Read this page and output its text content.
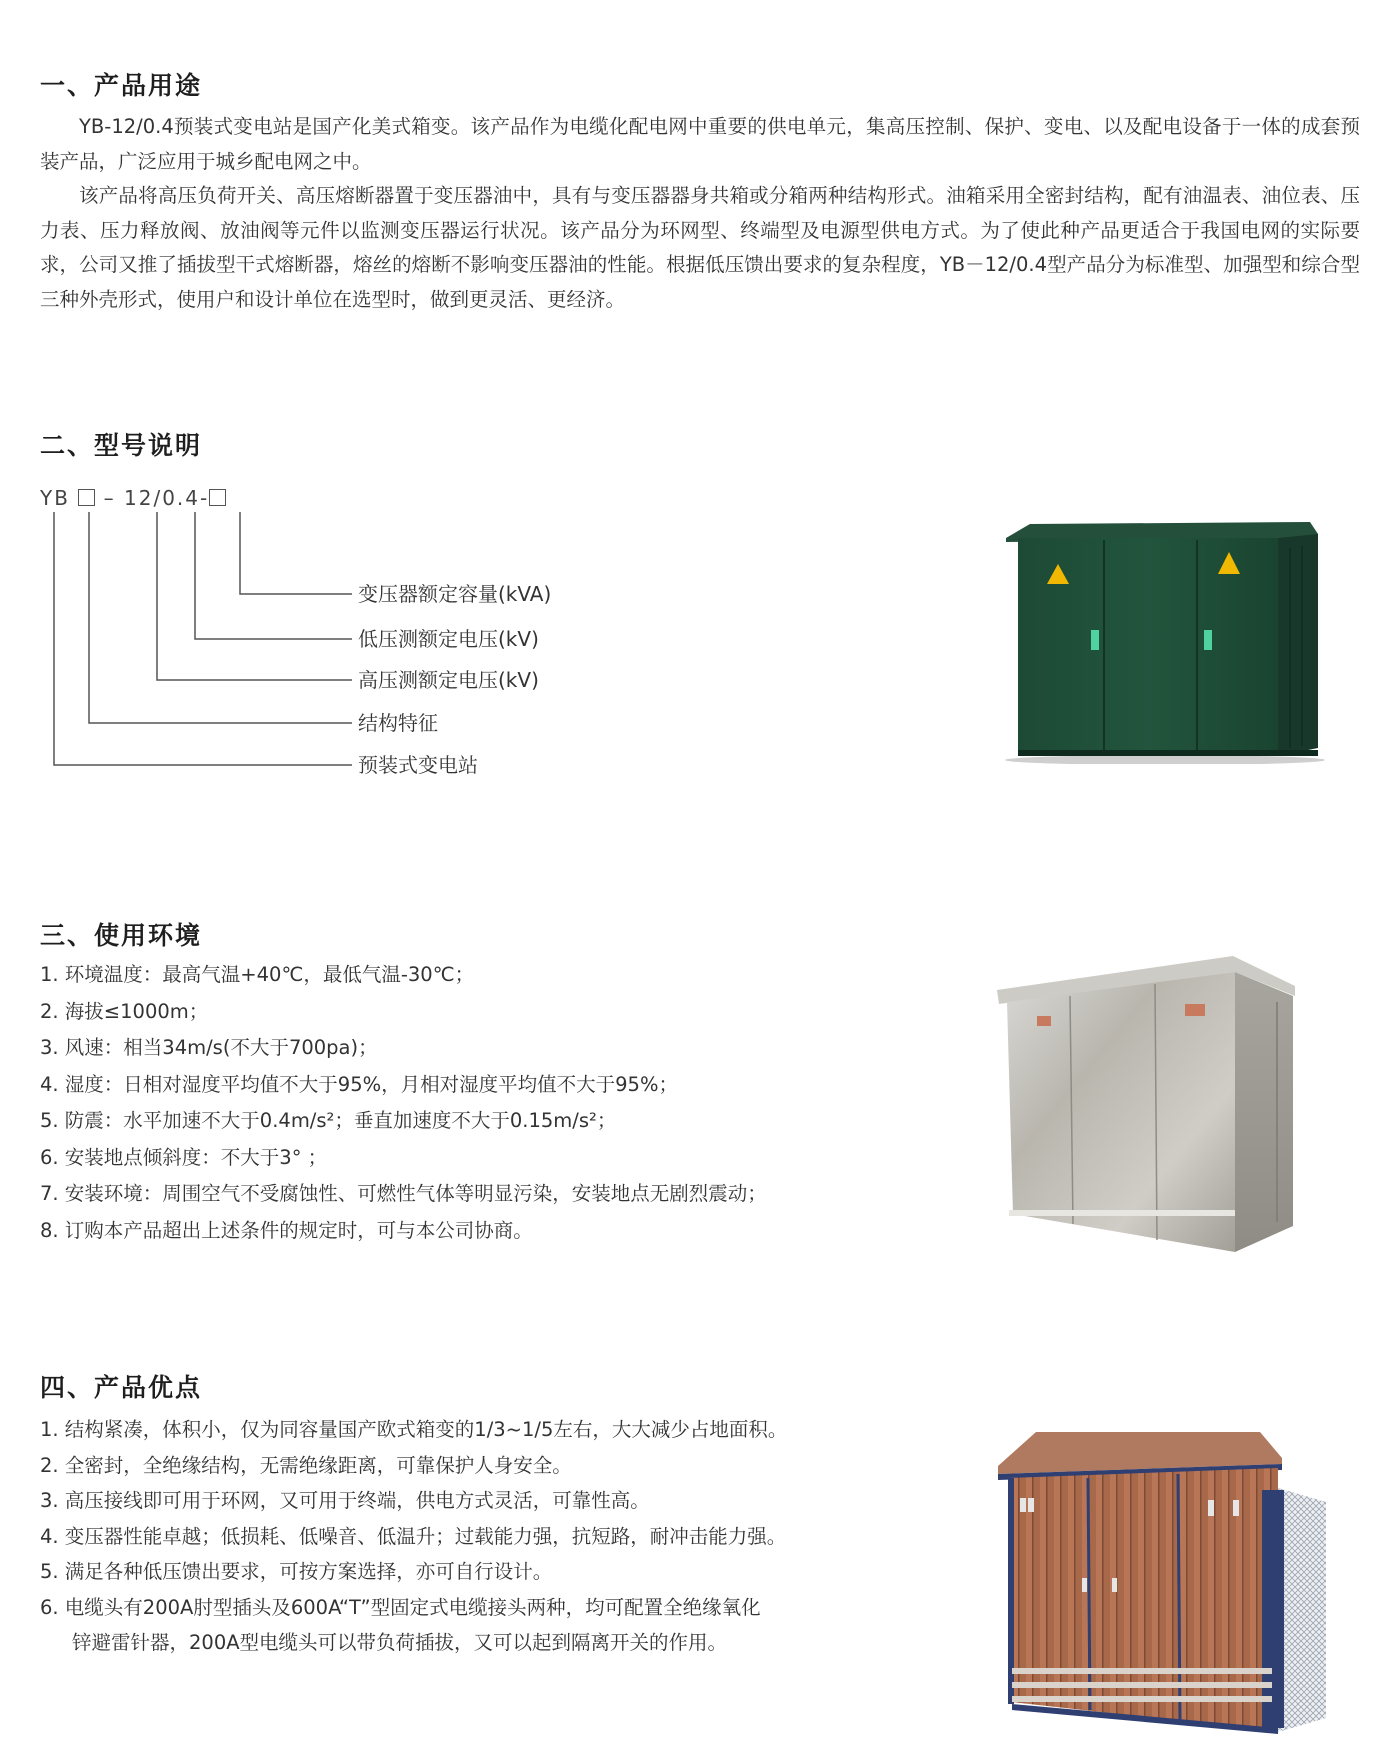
一、产品用途

YB-12/0.4预装式变电站是国产化美式箱变。该产品作为电缆化配电网中重要的供电单元，集高压控制、保护、变电、以及配电设备于一体的成套预装产品，广泛应用于城乡配电网之中。

该产品将高压负荷开关、高压熔断器置于变压器油中，具有与变压器器身共箱或分箱两种结构形式。油箱采用全密封结构，配有油温表、油位表、压力表、压力释放阀、放油阀等元件以监测变压器运行状况。该产品分为环网型、终端型及电源型供电方式。为了使此种产品更适合于我国电网的实际要求，公司又推了插拔型干式熔断器，熔丝的熔断不影响变压器油的性能。根据低压馈出要求的复杂程度，YB－12/0.4型产品分为标准型、加强型和综合型三种外壳形式，使用户和设计单位在选型时，做到更灵活、更经济。

二、型号说明
YB – 12/0.4-
变压器额定容量(kVA)
低压测额定电压(kV)
高压测额定电压(kV)
结构特征
预装式变电站
三、使用环境
1. 环境温度：最高气温+40℃，最低气温-30℃；
2. 海拔≤1000m；
3. 风速：相当34m/s(不大于700pa)；
4. 湿度：日相对湿度平均值不大于95%，月相对湿度平均值不大于95%；
5. 防震：水平加速不大于0.4m/s²；垂直加速度不大于0.15m/s²；
6. 安装地点倾斜度：不大于3° ；
7. 安装环境：周围空气不受腐蚀性、可燃性气体等明显污染，安装地点无剧烈震动；
8. 订购本产品超出上述条件的规定时，可与本公司协商。
四、产品优点
1. 结构紧凑，体积小，仅为同容量国产欧式箱变的1/3~1/5左右，大大减少占地面积。
2. 全密封，全绝缘结构，无需绝缘距离，可靠保护人身安全。
3. 高压接线即可用于环网，又可用于终端，供电方式灵活，可靠性高。
4. 变压器性能卓越；低损耗、低噪音、低温升；过载能力强，抗短路，耐冲击能力强。
5. 满足各种低压馈出要求，可按方案选择，亦可自行设计。
6. 电缆头有200A肘型插头及600A“T”型固定式电缆接头两种，均可配置全绝缘氧化
锌避雷针器，200A型电缆头可以带负荷插拔，又可以起到隔离开关的作用。
